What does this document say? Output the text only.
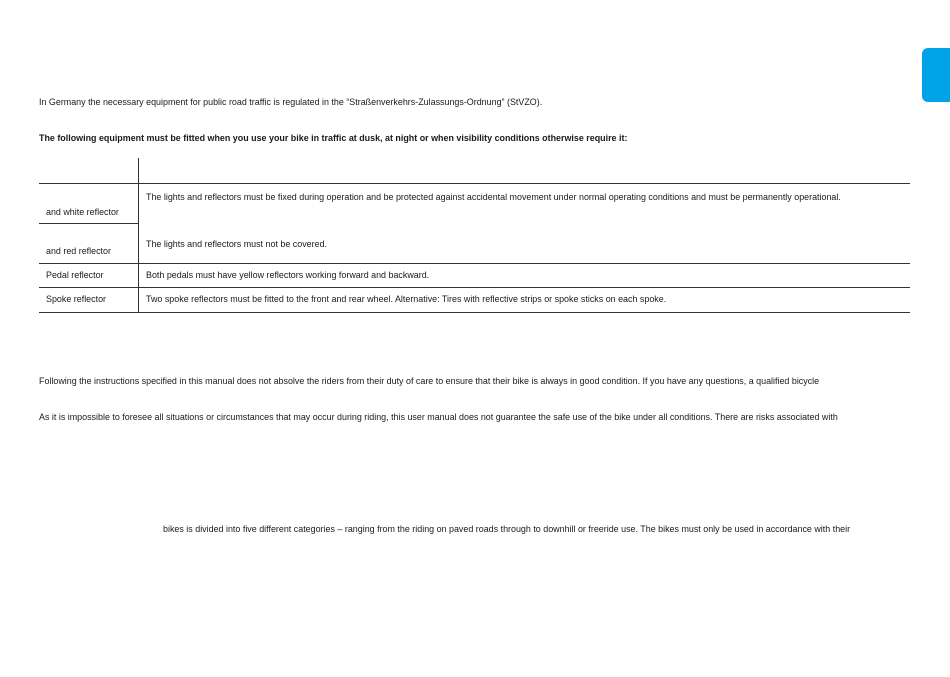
In Germany the necessary equipment for public road traffic is regulated in the “Straßenverkehrs-Zulassungs-Ordnung” (StVZO).

The following equipment must be fitted when you use your bike in traffic at dusk, at night or when visibility conditions otherwise require it:

and white reflector
The lights and reflectors must be fixed during operation and be protected against accidental movement under normal operating conditions and must be permanently operational.
and red reflector
The lights and reflectors must not be covered.
Pedal reflector	Both pedals must have yellow reflectors working forward and backward.
Spoke reflector	Two spoke reflectors must be fitted to the front and rear wheel. Alternative: Tires with reflective strips or spoke sticks on each spoke.

Following the instructions specified in this manual does not absolve the riders from their duty of care to ensure that their bike is always in good condition. If you have any questions, a qualified bicycle

As it is impossible to foresee all situations or circumstances that may occur during riding, this user manual does not guarantee the safe use of the bike under all conditions. There are risks associated with

bikes is divided into five different categories – ranging from the riding on paved roads through to downhill or freeride use. The bikes must only be used in accordance with their
